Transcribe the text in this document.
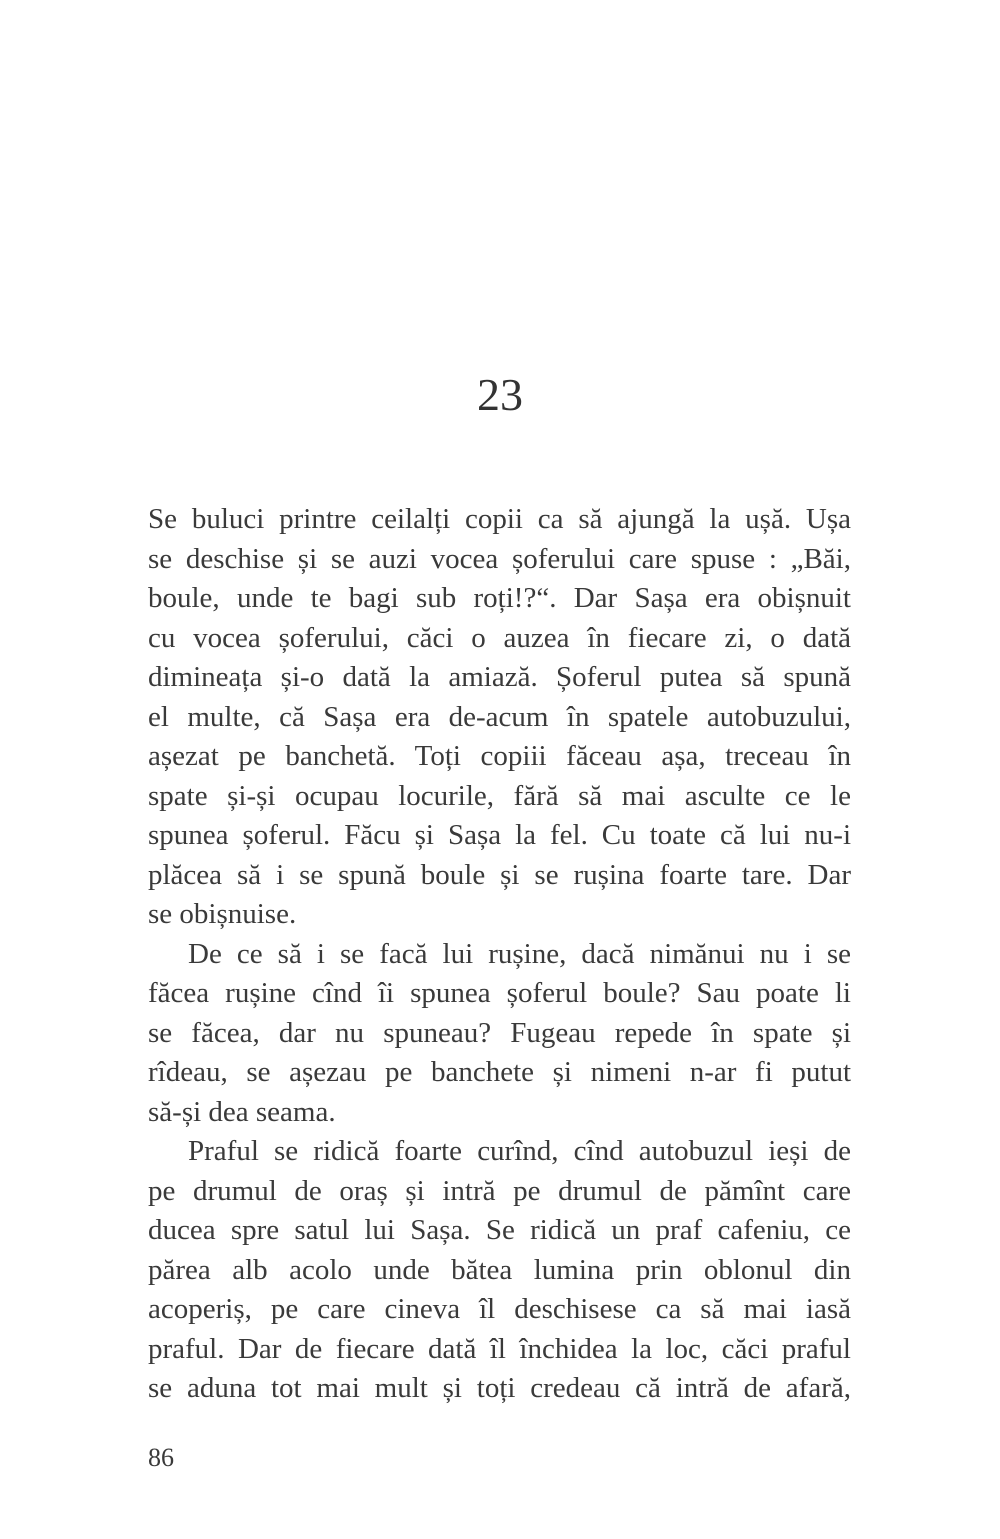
23
Se buluci printre ceilalți copii ca să ajungă la ușă. Ușa
se deschise și se auzi vocea șoferului care spuse : „Băi,
boule, unde te bagi sub roți!?“. Dar Sașa era obișnuit
cu vocea șoferului, căci o auzea în fiecare zi, o dată
dimineața și-o dată la amiază. Șoferul putea să spună
el multe, că Sașa era de-acum în spatele autobuzului,
așezat pe banchetă. Toți copiii făceau așa, treceau în
spate și-și ocupau locurile, fără să mai asculte ce le
spunea șoferul. Făcu și Sașa la fel. Cu toate că lui nu-i
plăcea să i se spună boule și se rușina foarte tare. Dar
se obișnuise.
De ce să i se facă lui rușine, dacă nimănui nu i se
făcea rușine cînd îi spunea șoferul boule? Sau poate li
se făcea, dar nu spuneau? Fugeau repede în spate și
rîdeau, se așezau pe banchete și nimeni n-ar fi putut
să-și dea seama.
Praful se ridică foarte curînd, cînd autobuzul ieși de
pe drumul de oraș și intră pe drumul de pămînt care
ducea spre satul lui Sașa. Se ridică un praf cafeniu, ce
părea alb acolo unde bătea lumina prin oblonul din
acoperiș, pe care cineva îl deschisese ca să mai iasă
praful. Dar de fiecare dată îl închidea la loc, căci praful
se aduna tot mai mult și toți credeau că intră de afară,
86
